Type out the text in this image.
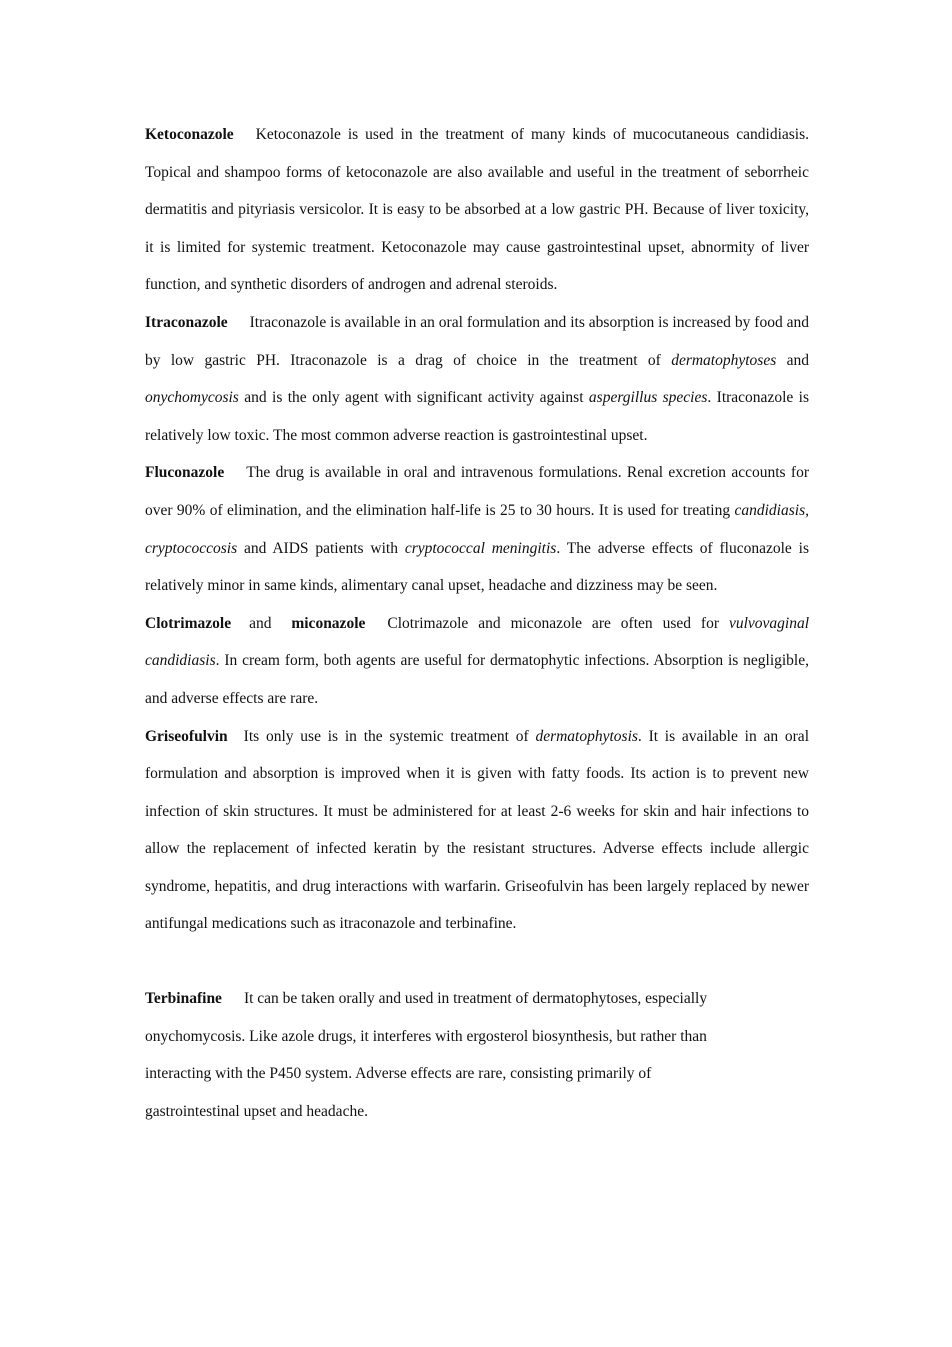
Ketoconazole Ketoconazole is used in the treatment of many kinds of mucocutaneous candidiasis. Topical and shampoo forms of ketoconazole are also available and useful in the treatment of seborrheic dermatitis and pityriasis versicolor. It is easy to be absorbed at a low gastric PH. Because of liver toxicity, it is limited for systemic treatment. Ketoconazole may cause gastrointestinal upset, abnormity of liver function, and synthetic disorders of androgen and adrenal steroids.

Itraconazole Itraconazole is available in an oral formulation and its absorption is increased by food and by low gastric PH. Itraconazole is a drag of choice in the treatment of dermatophytoses and onychomycosis and is the only agent with significant activity against aspergillus species. Itraconazole is relatively low toxic. The most common adverse reaction is gastrointestinal upset.

Fluconazole The drug is available in oral and intravenous formulations. Renal excretion accounts for over 90% of elimination, and the elimination half-life is 25 to 30 hours. It is used for treating candidiasis, cryptococcosis and AIDS patients with cryptococcal meningitis. The adverse effects of fluconazole is relatively minor in same kinds, alimentary canal upset, headache and dizziness may be seen.

Clotrimazole and miconazole Clotrimazole and miconazole are often used for vulvovaginal candidiasis. In cream form, both agents are useful for dermatophytic infections. Absorption is negligible, and adverse effects are rare.

Griseofulvin Its only use is in the systemic treatment of dermatophytosis. It is available in an oral formulation and absorption is improved when it is given with fatty foods. Its action is to prevent new infection of skin structures. It must be administered for at least 2-6 weeks for skin and hair infections to allow the replacement of infected keratin by the resistant structures. Adverse effects include allergic syndrome, hepatitis, and drug interactions with warfarin. Griseofulvin has been largely replaced by newer antifungal medications such as itraconazole and terbinafine.

Terbinafine It can be taken orally and used in treatment of dermatophytoses, especially
onychomycosis. Like azole drugs, it interferes with ergosterol biosynthesis, but rather than
interacting with the P450 system. Adverse effects are rare, consisting primarily of
gastrointestinal upset and headache.
